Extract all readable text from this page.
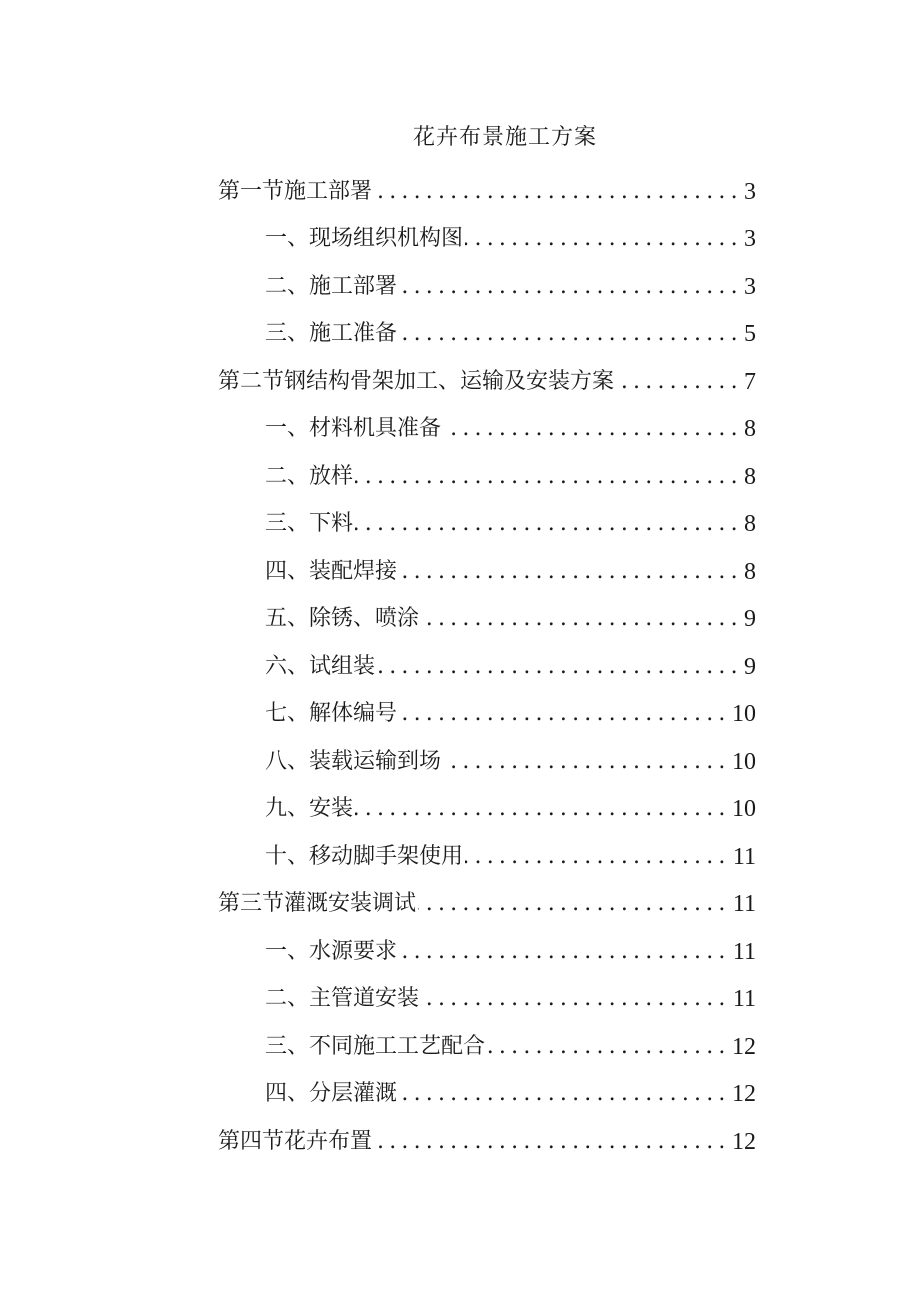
花卉布景施工方案
.....
第一节施工部署	3
.....
一、现场组织机构图	3
.....
二、施工部署	3
.....
三、施工准备	5
.....
第二节钢结构骨架加工、运输及安装方案	7
.....
一、材料机具准备	8
.....
二、放样	8
.....
三、下料	8
.....
四、装配焊接	8
.....
五、除锈、喷涂	9
.....
六、试组装	9
.....
七、解体编号	10
.....
八、装载运输到场	10
.....
九、安装	10
.....
十、移动脚手架使用	11
.....
第三节灌溉安装调试	11
.....
一、水源要求	11
.....
二、主管道安装	11
.....
三、不同施工工艺配合	12
.....
四、分层灌溉	12
.....
第四节花卉布置	12
